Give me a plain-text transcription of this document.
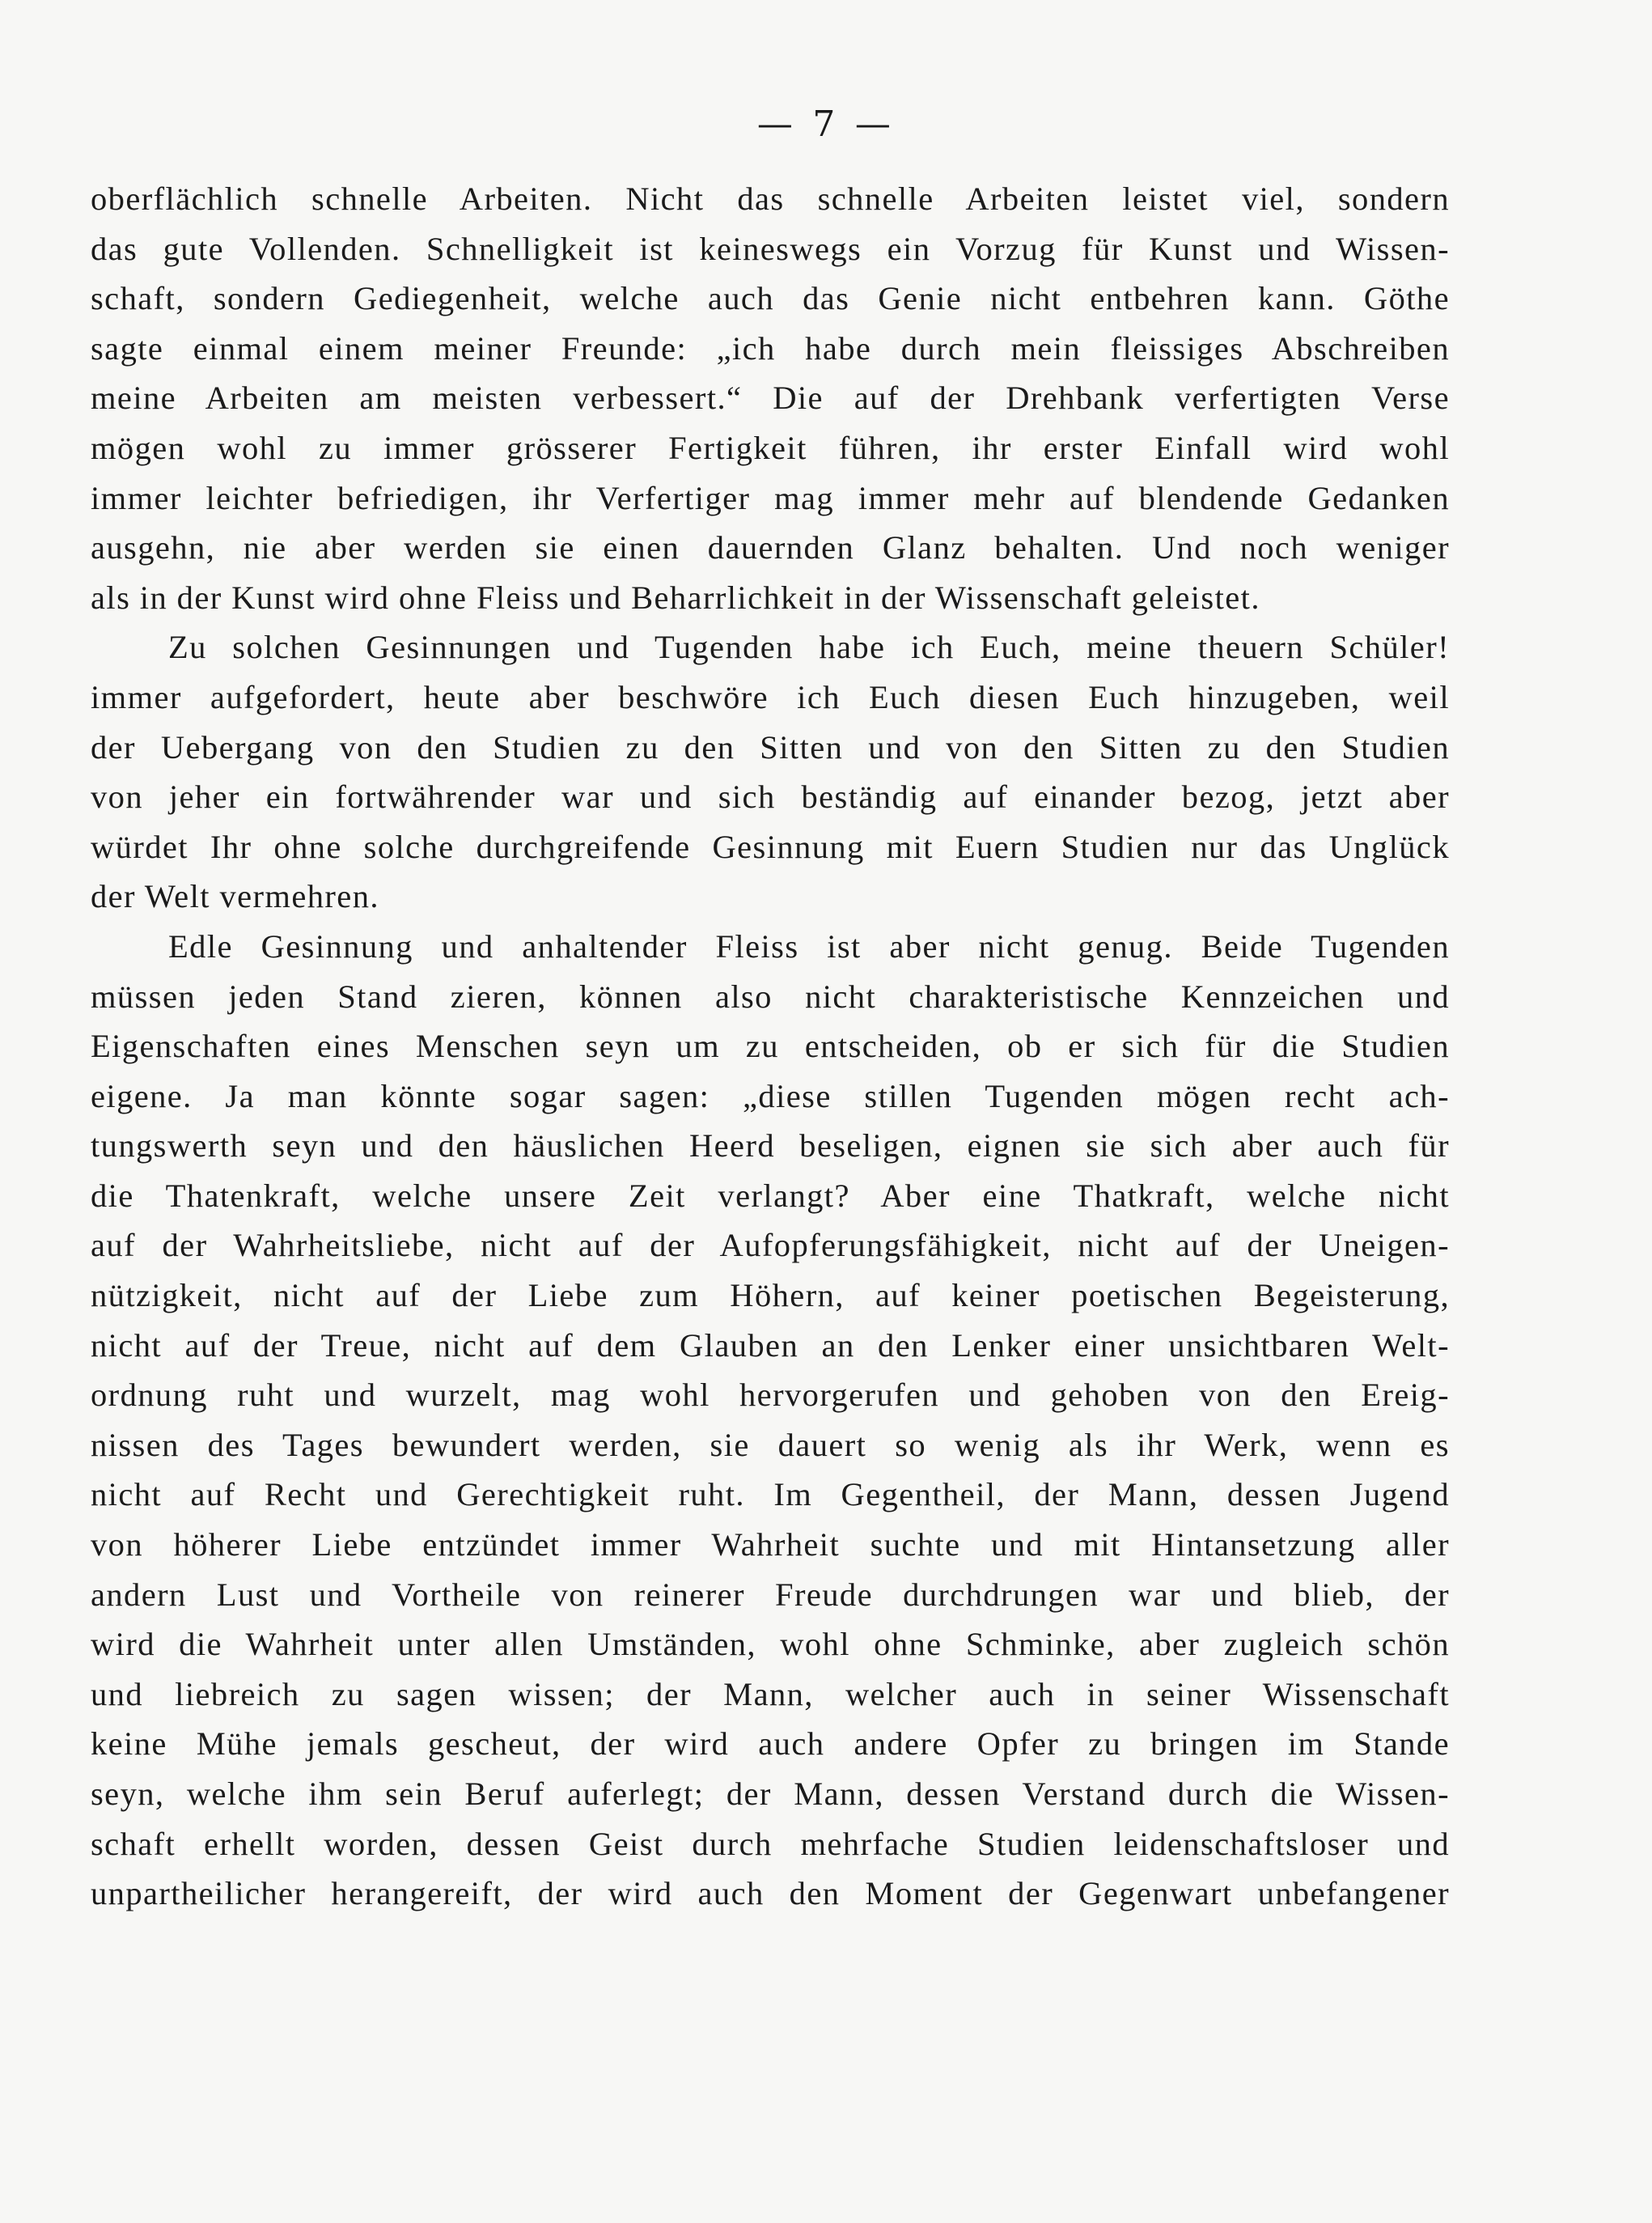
— 7 —
oberflächlich schnelle Arbeiten. Nicht das schnelle Arbeiten leistet viel, sondern
das gute Vollenden. Schnelligkeit ist keineswegs ein Vorzug für Kunst und Wissen-
schaft, sondern Gediegenheit, welche auch das Genie nicht entbehren kann. Göthe
sagte einmal einem meiner Freunde: „ich habe durch mein fleissiges Abschreiben
meine Arbeiten am meisten verbessert.“ Die auf der Drehbank verfertigten Verse
mögen wohl zu immer grösserer Fertigkeit führen, ihr erster Einfall wird wohl
immer leichter befriedigen, ihr Verfertiger mag immer mehr auf blendende Gedanken
ausgehn, nie aber werden sie einen dauernden Glanz behalten. Und noch weniger
als in der Kunst wird ohne Fleiss und Beharrlichkeit in der Wissenschaft geleistet.
Zu solchen Gesinnungen und Tugenden habe ich Euch, meine theuern Schüler!
immer aufgefordert, heute aber beschwöre ich Euch diesen Euch hinzugeben, weil
der Uebergang von den Studien zu den Sitten und von den Sitten zu den Studien
von jeher ein fortwährender war und sich beständig auf einander bezog, jetzt aber
würdet Ihr ohne solche durchgreifende Gesinnung mit Euern Studien nur das Unglück
der Welt vermehren.
Edle Gesinnung und anhaltender Fleiss ist aber nicht genug. Beide Tugenden
müssen jeden Stand zieren, können also nicht charakteristische Kennzeichen und
Eigenschaften eines Menschen seyn um zu entscheiden, ob er sich für die Studien
eigene. Ja man könnte sogar sagen: „diese stillen Tugenden mögen recht ach-
tungswerth seyn und den häuslichen Heerd beseligen, eignen sie sich aber auch für
die Thatenkraft, welche unsere Zeit verlangt? Aber eine Thatkraft, welche nicht
auf der Wahrheitsliebe, nicht auf der Aufopferungsfähigkeit, nicht auf der Uneigen-
nützigkeit, nicht auf der Liebe zum Höhern, auf keiner poetischen Begeisterung,
nicht auf der Treue, nicht auf dem Glauben an den Lenker einer unsichtbaren Welt-
ordnung ruht und wurzelt, mag wohl hervorgerufen und gehoben von den Ereig-
nissen des Tages bewundert werden, sie dauert so wenig als ihr Werk, wenn es
nicht auf Recht und Gerechtigkeit ruht. Im Gegentheil, der Mann, dessen Jugend
von höherer Liebe entzündet immer Wahrheit suchte und mit Hintansetzung aller
andern Lust und Vortheile von reinerer Freude durchdrungen war und blieb, der
wird die Wahrheit unter allen Umständen, wohl ohne Schminke, aber zugleich schön
und liebreich zu sagen wissen; der Mann, welcher auch in seiner Wissenschaft
keine Mühe jemals gescheut, der wird auch andere Opfer zu bringen im Stande
seyn, welche ihm sein Beruf auferlegt; der Mann, dessen Verstand durch die Wissen-
schaft erhellt worden, dessen Geist durch mehrfache Studien leidenschaftsloser und
unpartheilicher herangereift, der wird auch den Moment der Gegenwart unbefangener
